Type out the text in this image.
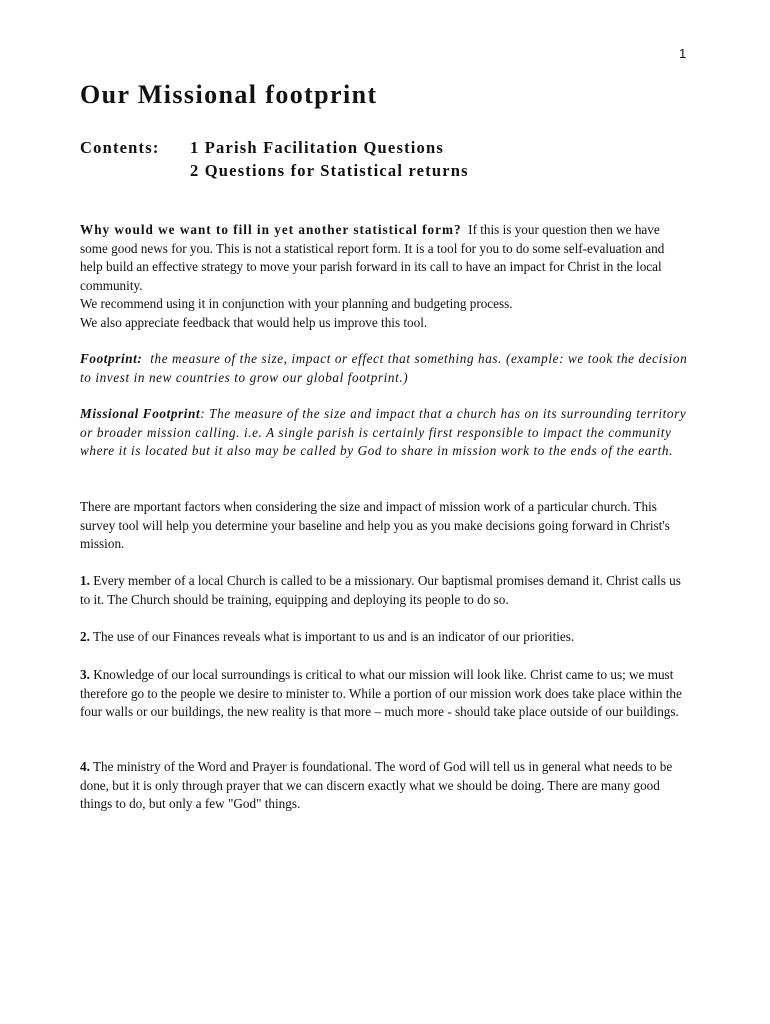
1
Our Missional footprint
Contents:	1 Parish Facilitation Questions
2 Questions for Statistical returns

Why would we want to fill in yet another statistical form? If this is your question then we have some good news for you. This is not a statistical report form. It is a tool for you to do some self-evaluation and help build an effective strategy to move your parish forward in its call to have an impact for Christ in the local community.

We recommend using it in conjunction with your planning and budgeting process.

We also appreciate feedback that would help us improve this tool.

Footprint: the measure of the size, impact or effect that something has. (example: we took the decision to invest in new countries to grow our global footprint.)

Missional Footprint: The measure of the size and impact that a church has on its surrounding territory or broader mission calling. i.e. A single parish is certainly first responsible to impact the community where it is located but it also may be called by God to share in mission work to the ends of the earth.

There are mportant factors when considering the size and impact of mission work of a particular church. This survey tool will help you determine your baseline and help you as you make decisions going forward in Christ's mission.

1. Every member of a local Church is called to be a missionary. Our baptismal promises demand it. Christ calls us to it. The Church should be training, equipping and deploying its people to do so.

2. The use of our Finances reveals what is important to us and is an indicator of our priorities.

3. Knowledge of our local surroundings is critical to what our mission will look like. Christ came to us; we must therefore go to the people we desire to minister to. While a portion of our mission work does take place within the four walls or our buildings, the new reality is that more – much more - should take place outside of our buildings.

4. The ministry of the Word and Prayer is foundational. The word of God will tell us in general what needs to be done, but it is only through prayer that we can discern exactly what we should be doing. There are many good things to do, but only a few "God" things.
